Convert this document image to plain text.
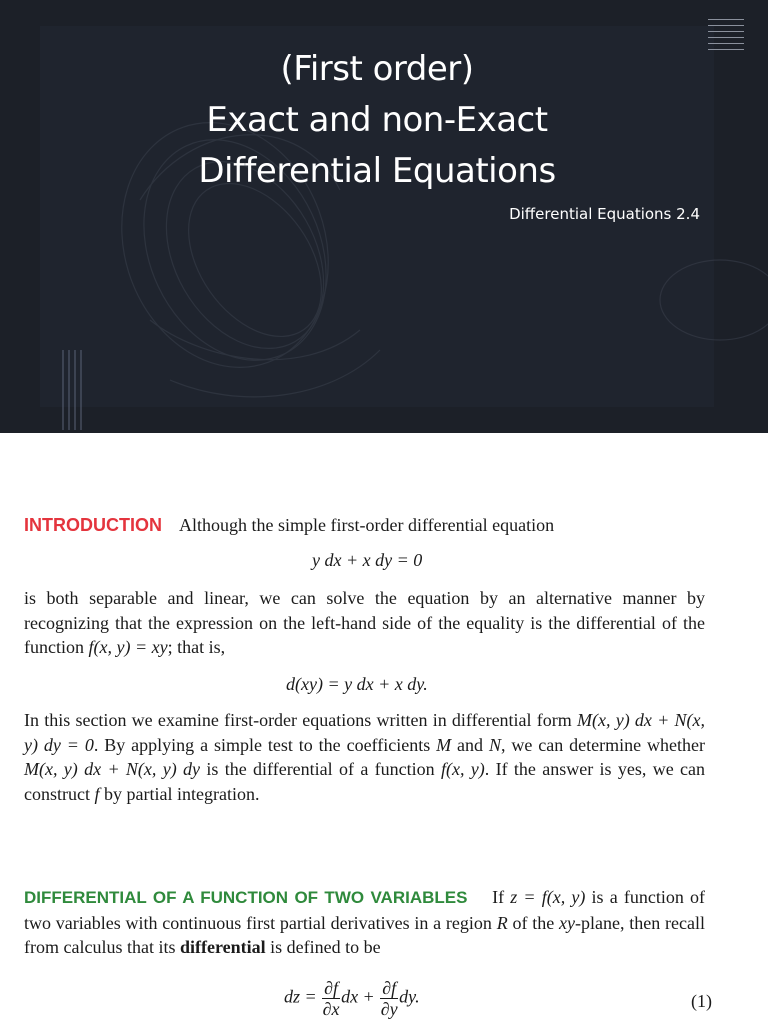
(First order)
Exact and non-Exact
Differential Equations
Differential Equations 2.4
INTRODUCTION Although the simple first-order differential equation
y dx + x dy = 0
is both separable and linear, we can solve the equation by an alternative manner by recognizing that the expression on the left-hand side of the equality is the differential of the function f(x, y) = xy; that is,
d(xy) = y dx + x dy.
In this section we examine first-order equations written in differential form M(x, y) dx + N(x, y) dy = 0. By applying a simple test to the coefficients M and N, we can determine whether M(x, y) dx + N(x, y) dy is the differential of a function f(x, y). If the answer is yes, we can construct f by partial integration.
DIFFERENTIAL OF A FUNCTION OF TWO VARIABLES If z = f(x, y) is a function of two variables with continuous first partial derivatives in a region R of the xy-plane, then recall from calculus that its differential is defined to be
dz = $\frac{\partial f}{\partial x}$ dx + $\frac{\partial f}{\partial y}$ dy.	(1)
